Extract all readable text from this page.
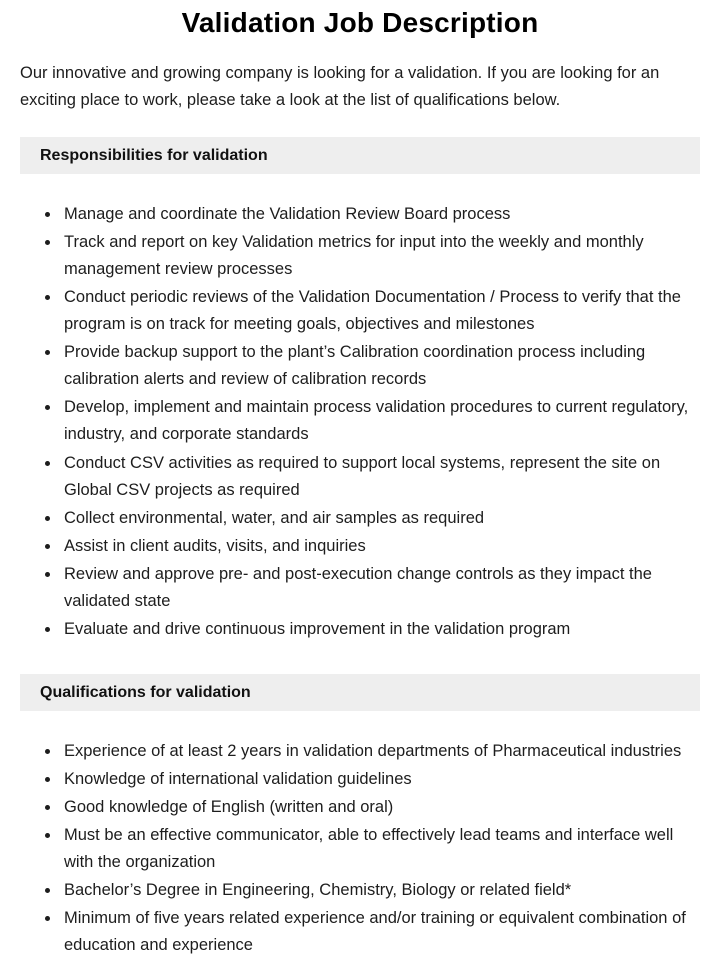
Validation Job Description

Our innovative and growing company is looking for a validation. If you are looking for an exciting place to work, please take a look at the list of qualifications below.

Responsibilities for validation
• Manage and coordinate the Validation Review Board process
• Track and report on key Validation metrics for input into the weekly and monthly management review processes
• Conduct periodic reviews of the Validation Documentation / Process to verify that the program is on track for meeting goals, objectives and milestones
• Provide backup support to the plant’s Calibration coordination process including calibration alerts and review of calibration records
• Develop, implement and maintain process validation procedures to current regulatory, industry, and corporate standards
• Conduct CSV activities as required to support local systems, represent the site on Global CSV projects as required
• Collect environmental, water, and air samples as required
• Assist in client audits, visits, and inquiries
• Review and approve pre- and post-execution change controls as they impact the validated state
• Evaluate and drive continuous improvement in the validation program
Qualifications for validation
• Experience of at least 2 years in validation departments of Pharmaceutical industries
• Knowledge of international validation guidelines
• Good knowledge of English (written and oral)
• Must be an effective communicator, able to effectively lead teams and interface well with the organization
• Bachelor’s Degree in Engineering, Chemistry, Biology or related field*
• Minimum of five years related experience and/or training or equivalent combination of education and experience
